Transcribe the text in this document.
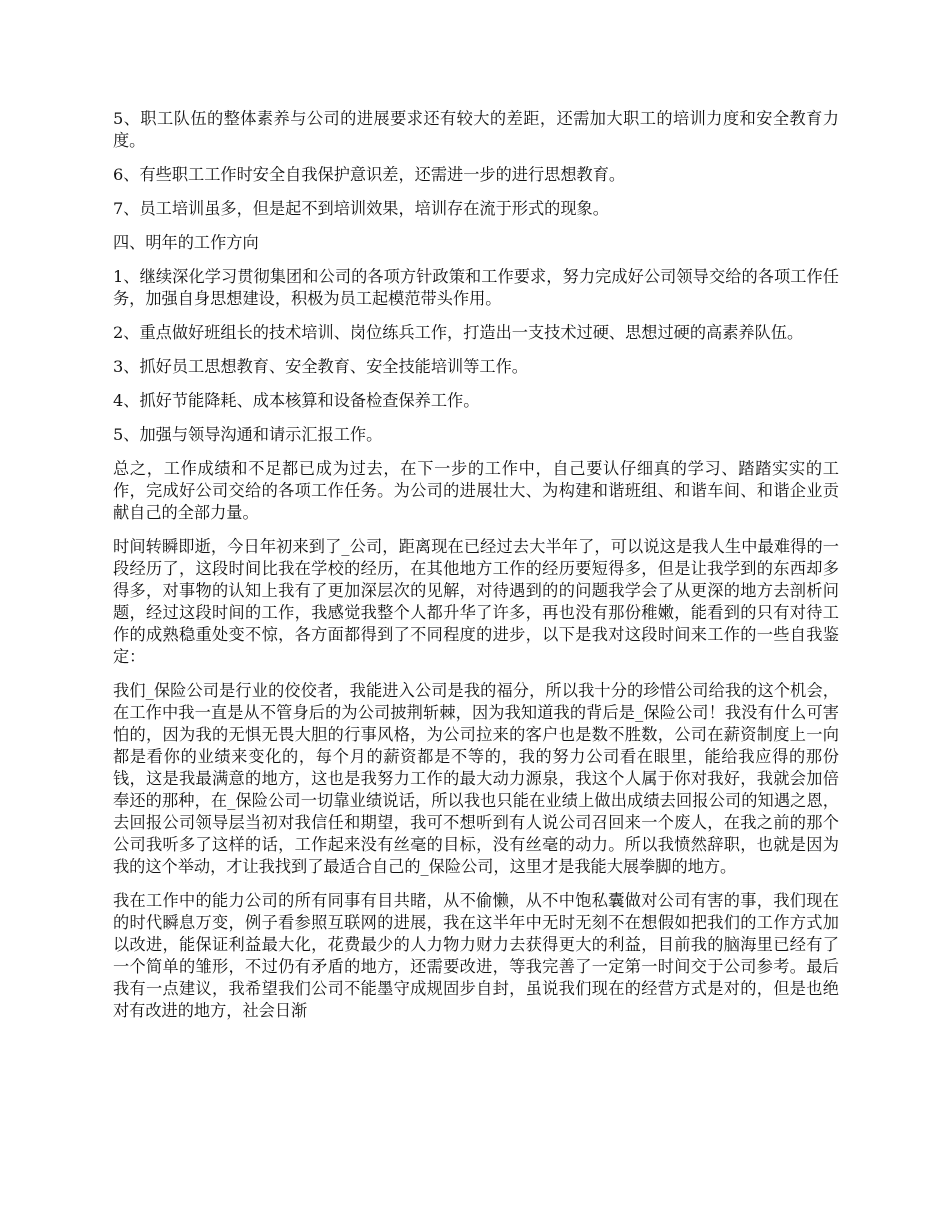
5、职工队伍的整体素养与公司的进展要求还有较大的差距，还需加大职工的培训力度和安全教育力度。

6、有些职工工作时安全自我保护意识差，还需进一步的进行思想教育。

7、员工培训虽多，但是起不到培训效果，培训存在流于形式的现象。

四、明年的工作方向

1、继续深化学习贯彻集团和公司的各项方针政策和工作要求，努力完成好公司领导交给的各项工作任务，加强自身思想建设，积极为员工起模范带头作用。

2、重点做好班组长的技术培训、岗位练兵工作，打造出一支技术过硬、思想过硬的高素养队伍。

3、抓好员工思想教育、安全教育、安全技能培训等工作。

4、抓好节能降耗、成本核算和设备检查保养工作。

5、加强与领导沟通和请示汇报工作。

总之，工作成绩和不足都已成为过去，在下一步的工作中，自己要认仔细真的学习、踏踏实实的工作，完成好公司交给的各项工作任务。为公司的进展壮大、为构建和谐班组、和谐车间、和谐企业贡献自己的全部力量。

时间转瞬即逝，今日年初来到了_公司，距离现在已经过去大半年了，可以说这是我人生中最难得的一段经历了，这段时间比我在学校的经历，在其他地方工作的经历要短得多，但是让我学到的东西却多得多，对事物的认知上我有了更加深层次的见解，对待遇到的的问题我学会了从更深的地方去剖析问题，经过这段时间的工作，我感觉我整个人都升华了许多，再也没有那份稚嫩，能看到的只有对待工作的成熟稳重处变不惊，各方面都得到了不同程度的进步，以下是我对这段时间来工作的一些自我鉴定：

我们_保险公司是行业的佼佼者，我能进入公司是我的福分，所以我十分的珍惜公司给我的这个机会，在工作中我一直是从不管身后的为公司披荆斩棘，因为我知道我的背后是_保险公司！我没有什么可害怕的，因为我的无惧无畏大胆的行事风格，为公司拉来的客户也是数不胜数，公司在薪资制度上一向都是看你的业绩来变化的，每个月的薪资都是不等的，我的努力公司看在眼里，能给我应得的那份钱，这是我最满意的地方，这也是我努力工作的最大动力源泉，我这个人属于你对我好，我就会加倍奉还的那种，在_保险公司一切靠业绩说话，所以我也只能在业绩上做出成绩去回报公司的知遇之恩，去回报公司领导层当初对我信任和期望，我可不想听到有人说公司召回来一个废人，在我之前的那个公司我听多了这样的话，工作起来没有丝毫的目标，没有丝毫的动力。所以我愤然辞职，也就是因为我的这个举动，才让我找到了最适合自己的_保险公司，这里才是我能大展拳脚的地方。

我在工作中的能力公司的所有同事有目共睹，从不偷懒，从不中饱私囊做对公司有害的事，我们现在的时代瞬息万变，例子看参照互联网的进展，我在这半年中无时无刻不在想假如把我们的工作方式加以改进，能保证利益最大化，花费最少的人力物力财力去获得更大的利益，目前我的脑海里已经有了一个简单的雏形，不过仍有矛盾的地方，还需要改进，等我完善了一定第一时间交于公司参考。最后我有一点建议，我希望我们公司不能墨守成规固步自封，虽说我们现在的经营方式是对的，但是也绝对有改进的地方，社会日渐
